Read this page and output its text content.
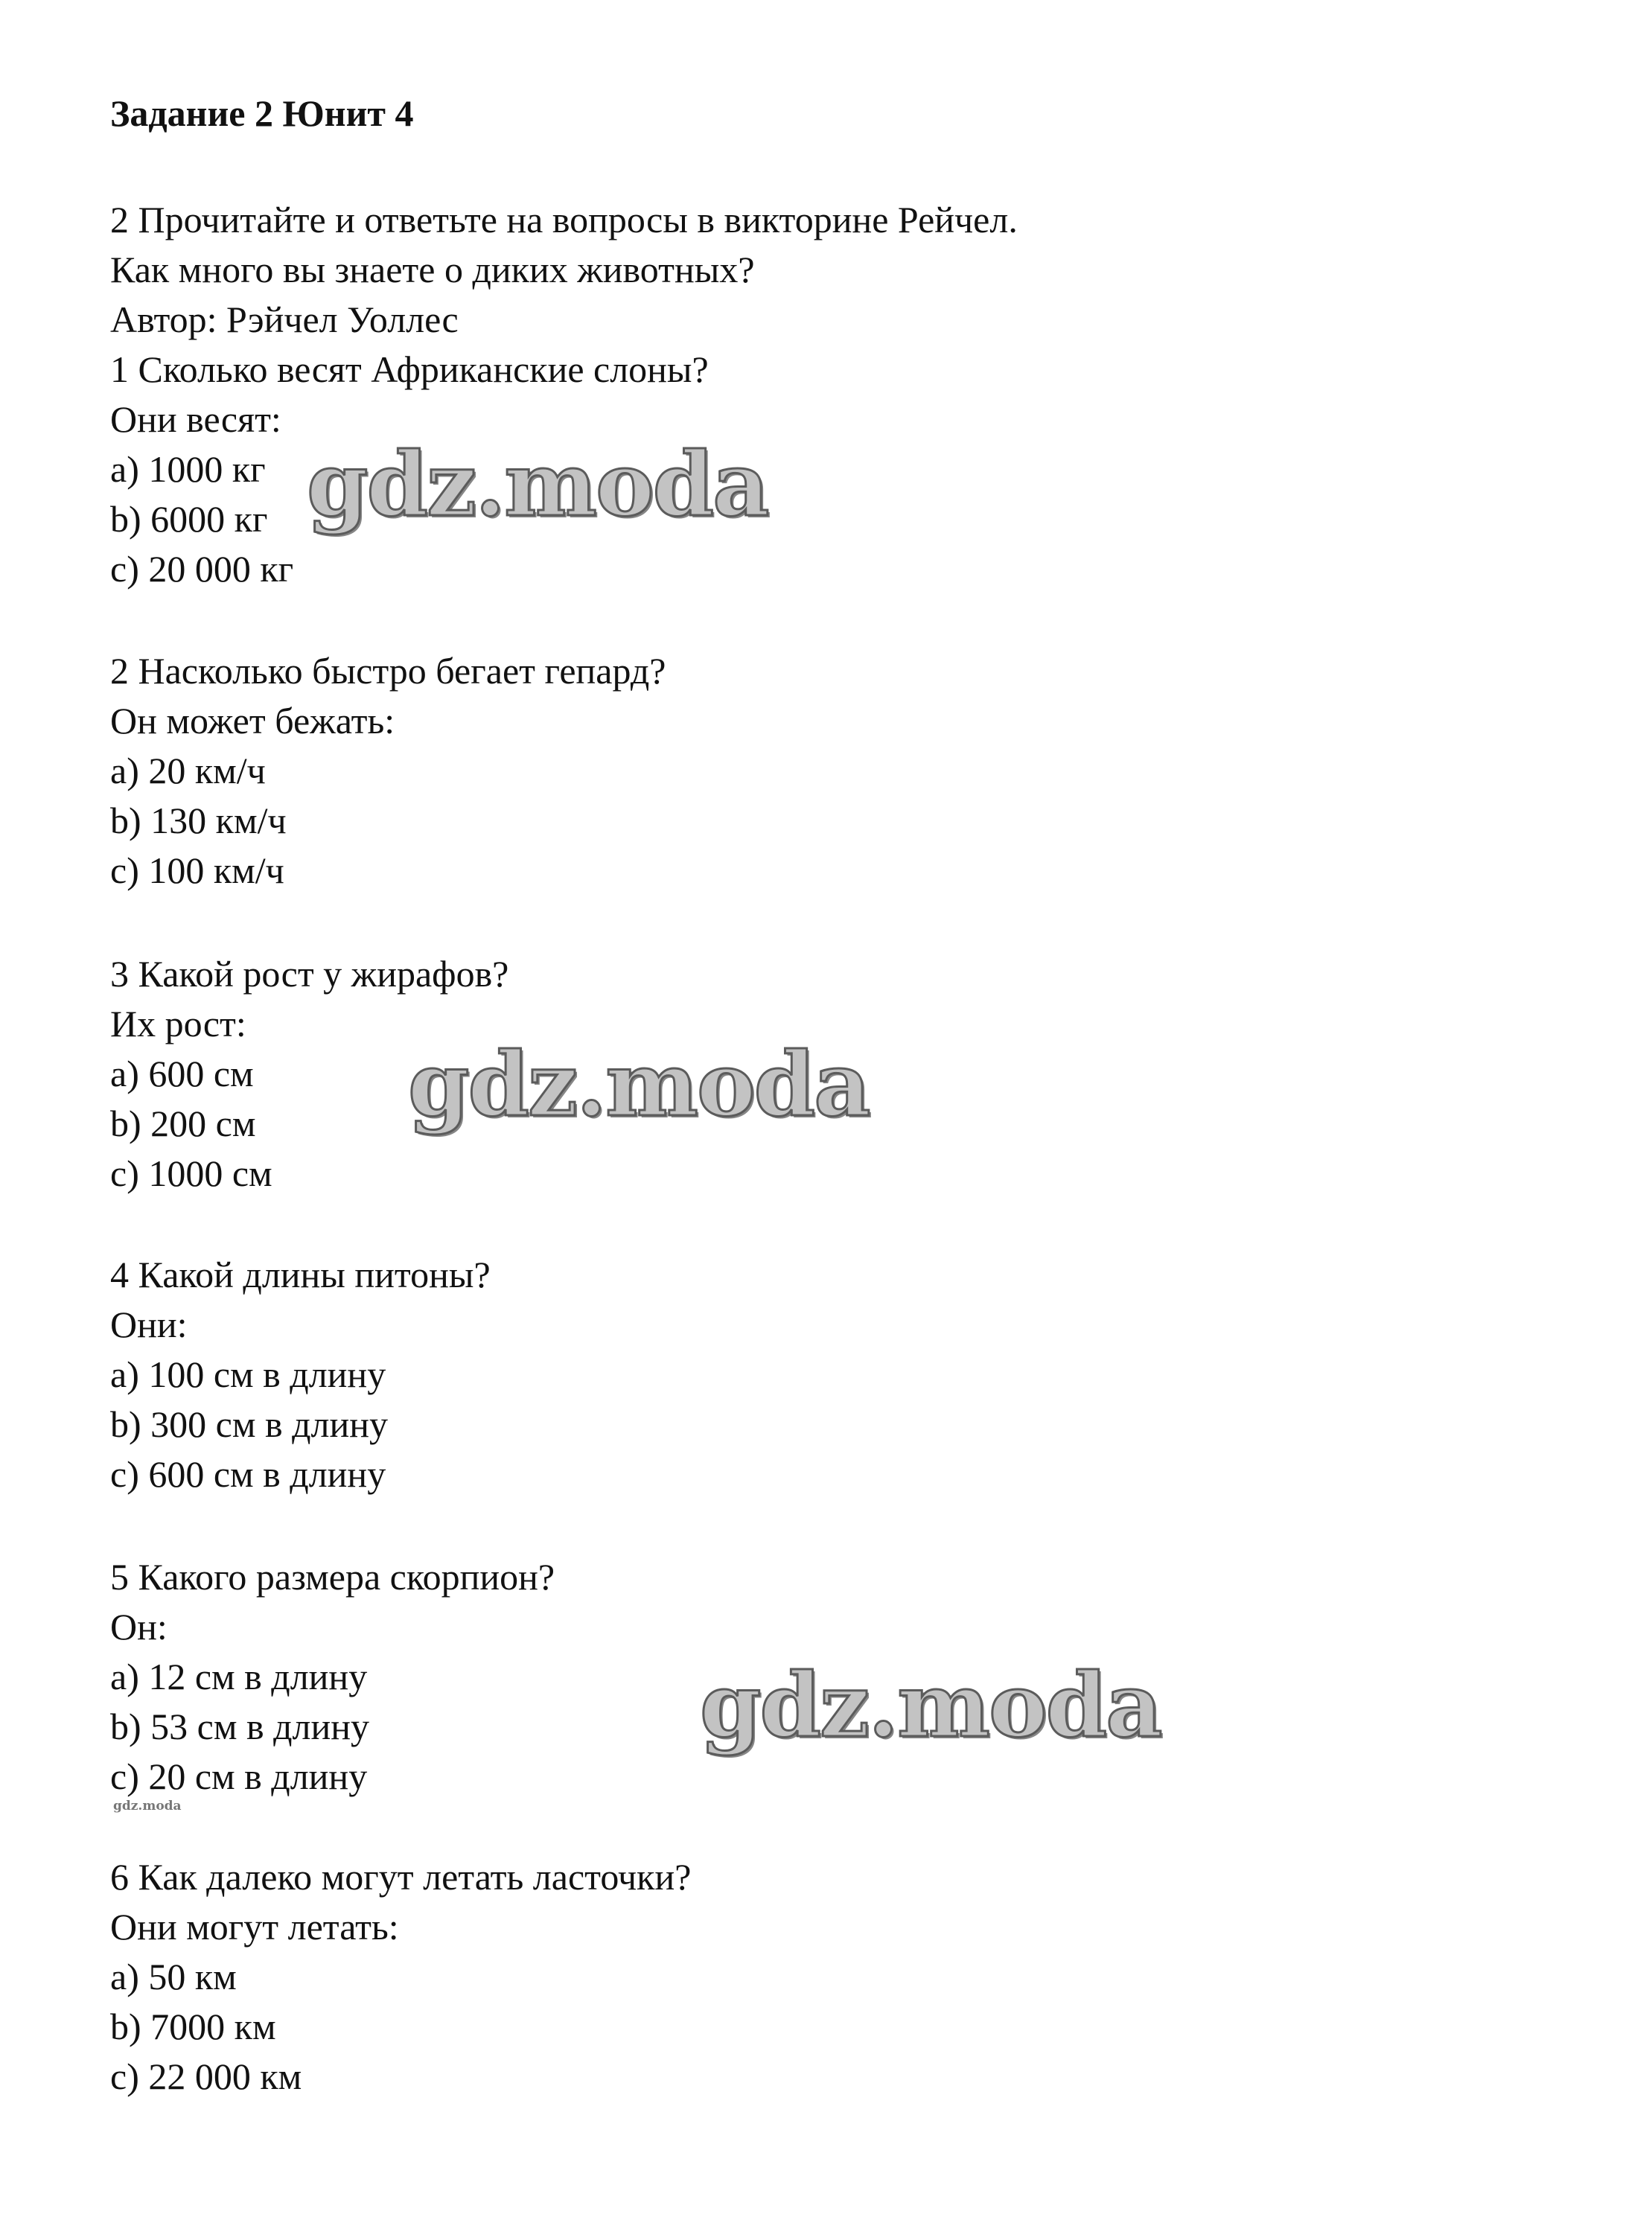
Задание 2 Юнит 4
2 Прочитайте и ответьте на вопросы в викторине Рейчел.
Как много вы знаете о диких животных?
Автор: Рэйчел Уоллес
1 Сколько весят Африканские слоны?
Они весят:
a) 1000 кг
b) 6000 кг
c) 20 000 кг
2 Насколько быстро бегает гепард?
Он может бежать:
a) 20 км/ч
b) 130 км/ч
c) 100 км/ч
3 Какой рост у жирафов?
Их рост:
a) 600 см
b) 200 см
c) 1000 см
4 Какой длины питоны?
Они:
a) 100 см в длину
b) 300 см в длину
c) 600 см в длину
5 Какого размера скорпион?
Он:
a) 12 см в длину
b) 53 см в длину
c) 20 см в длину
6 Как далеко могут летать ласточки?
Они могут летать:
a) 50 км
b) 7000 км
c) 22 000 км
gdz.moda
gdz.moda
gdz.moda
gdz.moda
